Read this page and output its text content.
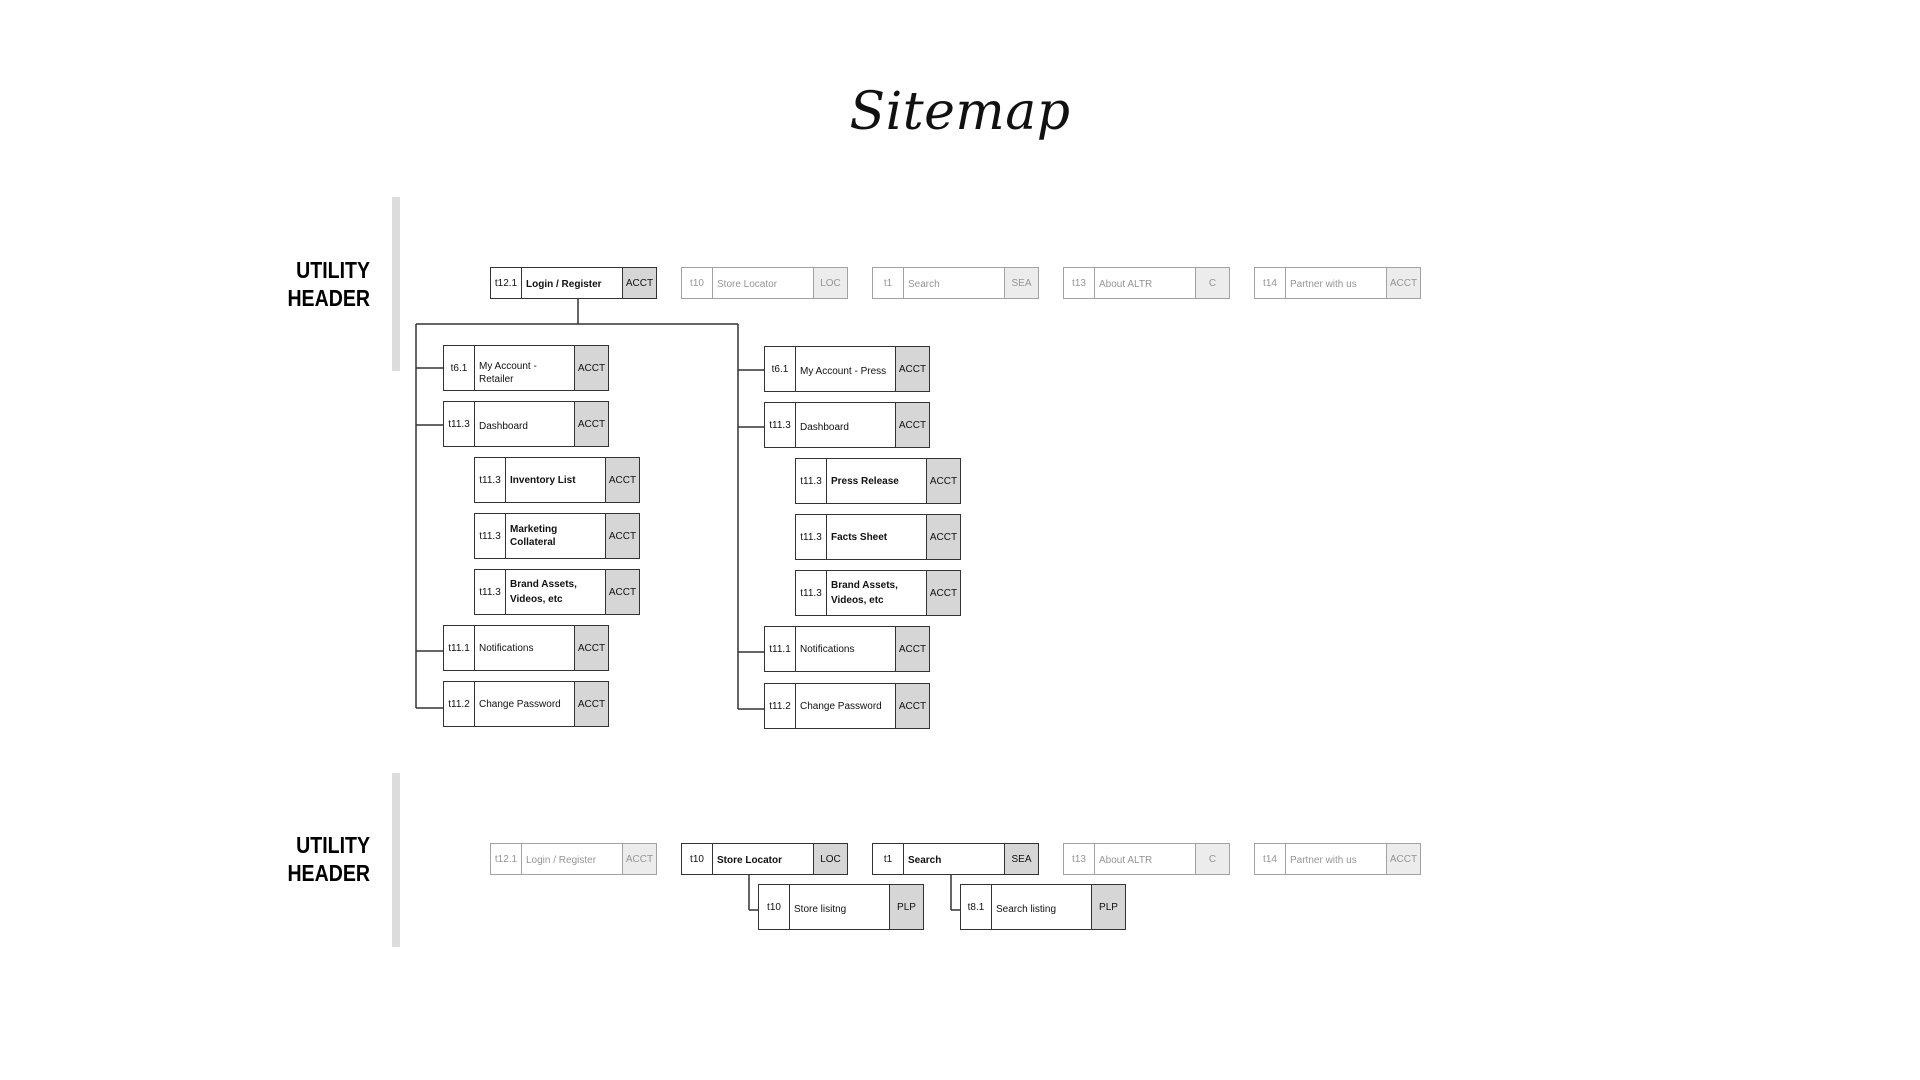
Sitemap
UTILITY
HEADER
UTILITY
HEADER
t12.1 Login / Register	ACCT	t10	Store Locator	LOC	t1	Search	SEA	t13	About ALTR	C	t14	Partner with us	ACCT
t6.1	My Account - Retailer
ACCT
t11.3 Dashboard	ACCT
t11.3 Inventory List	ACCT
t11.3
Marketing Collateral
ACCT
t11.3
Brand Assets, Videos, etc
ACCT
t11.1 Notifications	ACCT
t11.2 Change Password	ACCT
t6.1	My Account - Press	ACCT
t11.3 Dashboard	ACCT
t11.3 Press Release	ACCT
t11.3 Facts Sheet	ACCT
t11.3
Brand Assets, Videos, etc
ACCT
t11.1 Notifications	ACCT
t11.2 Change Password	ACCT
t12.1 Login / Register	ACCT	t10	Store Locator	LOC	t1	Search	SEA	t13	About ALTR	C	t14	Partner with us	ACCT
t10	Store lisitng	PLP	t8.1	Search listing	PLP
